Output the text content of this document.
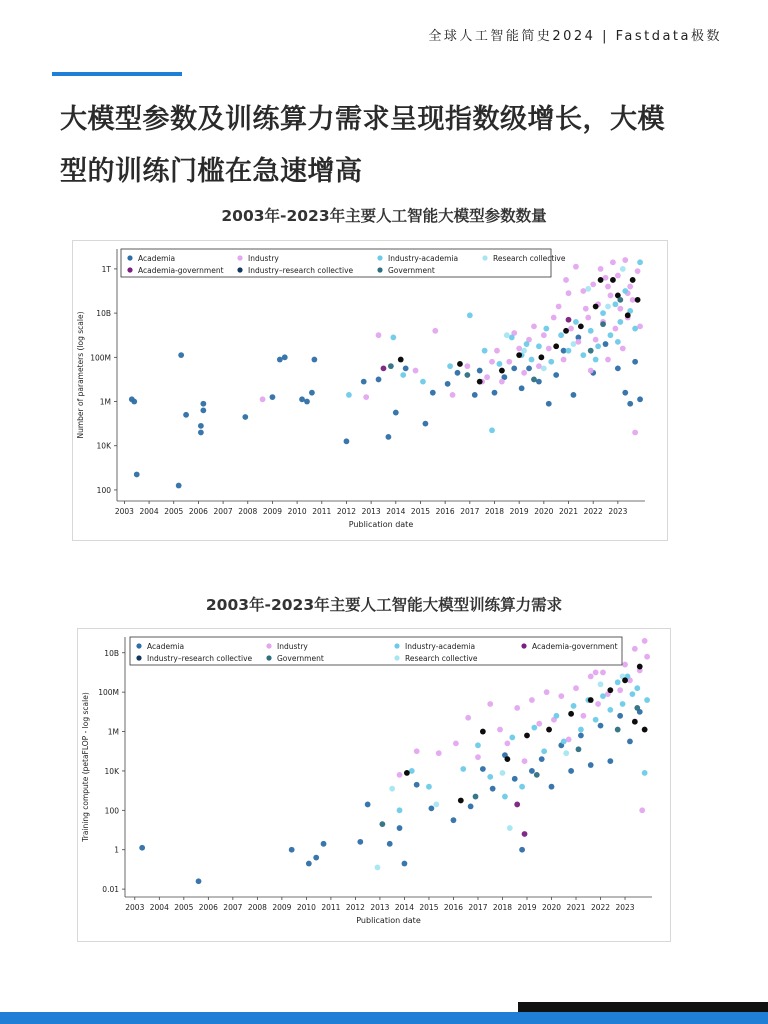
全球人工智能简史2024 | Fastdata极数
大模型参数及训练算力需求呈现指数级增长，大模
型的训练门槛在急速增高
2003年-2023年主要人工智能大模型参数数量
100
10K
1M
100M
10B
1T
2003 2004 2005 2006 2007 2008 2009 2010 2011 2012 2013 2014 2015 2016 2017 2018 2019 2020 2021 2022 2023
Publication date
Number of parameters (log scale)
Academia	Industry	Industry-academia	Research collective
Academia-government	Industry–research collective	Government
2003年-2023年主要人工智能大模型训练算力需求
0.01
1
100
10K
1M
100M
10B
2003 2004 2005 2006 2007 2008 2009 2010 2011 2012 2013 2014 2015 2016 2017 2018 2019 2020 2021 2022 2023
Publication date
Training compute (petaFLOP - log scale)
Academia	Industry	Industry-academia	Academia-government
Industry–research collective	Government	Research collective
